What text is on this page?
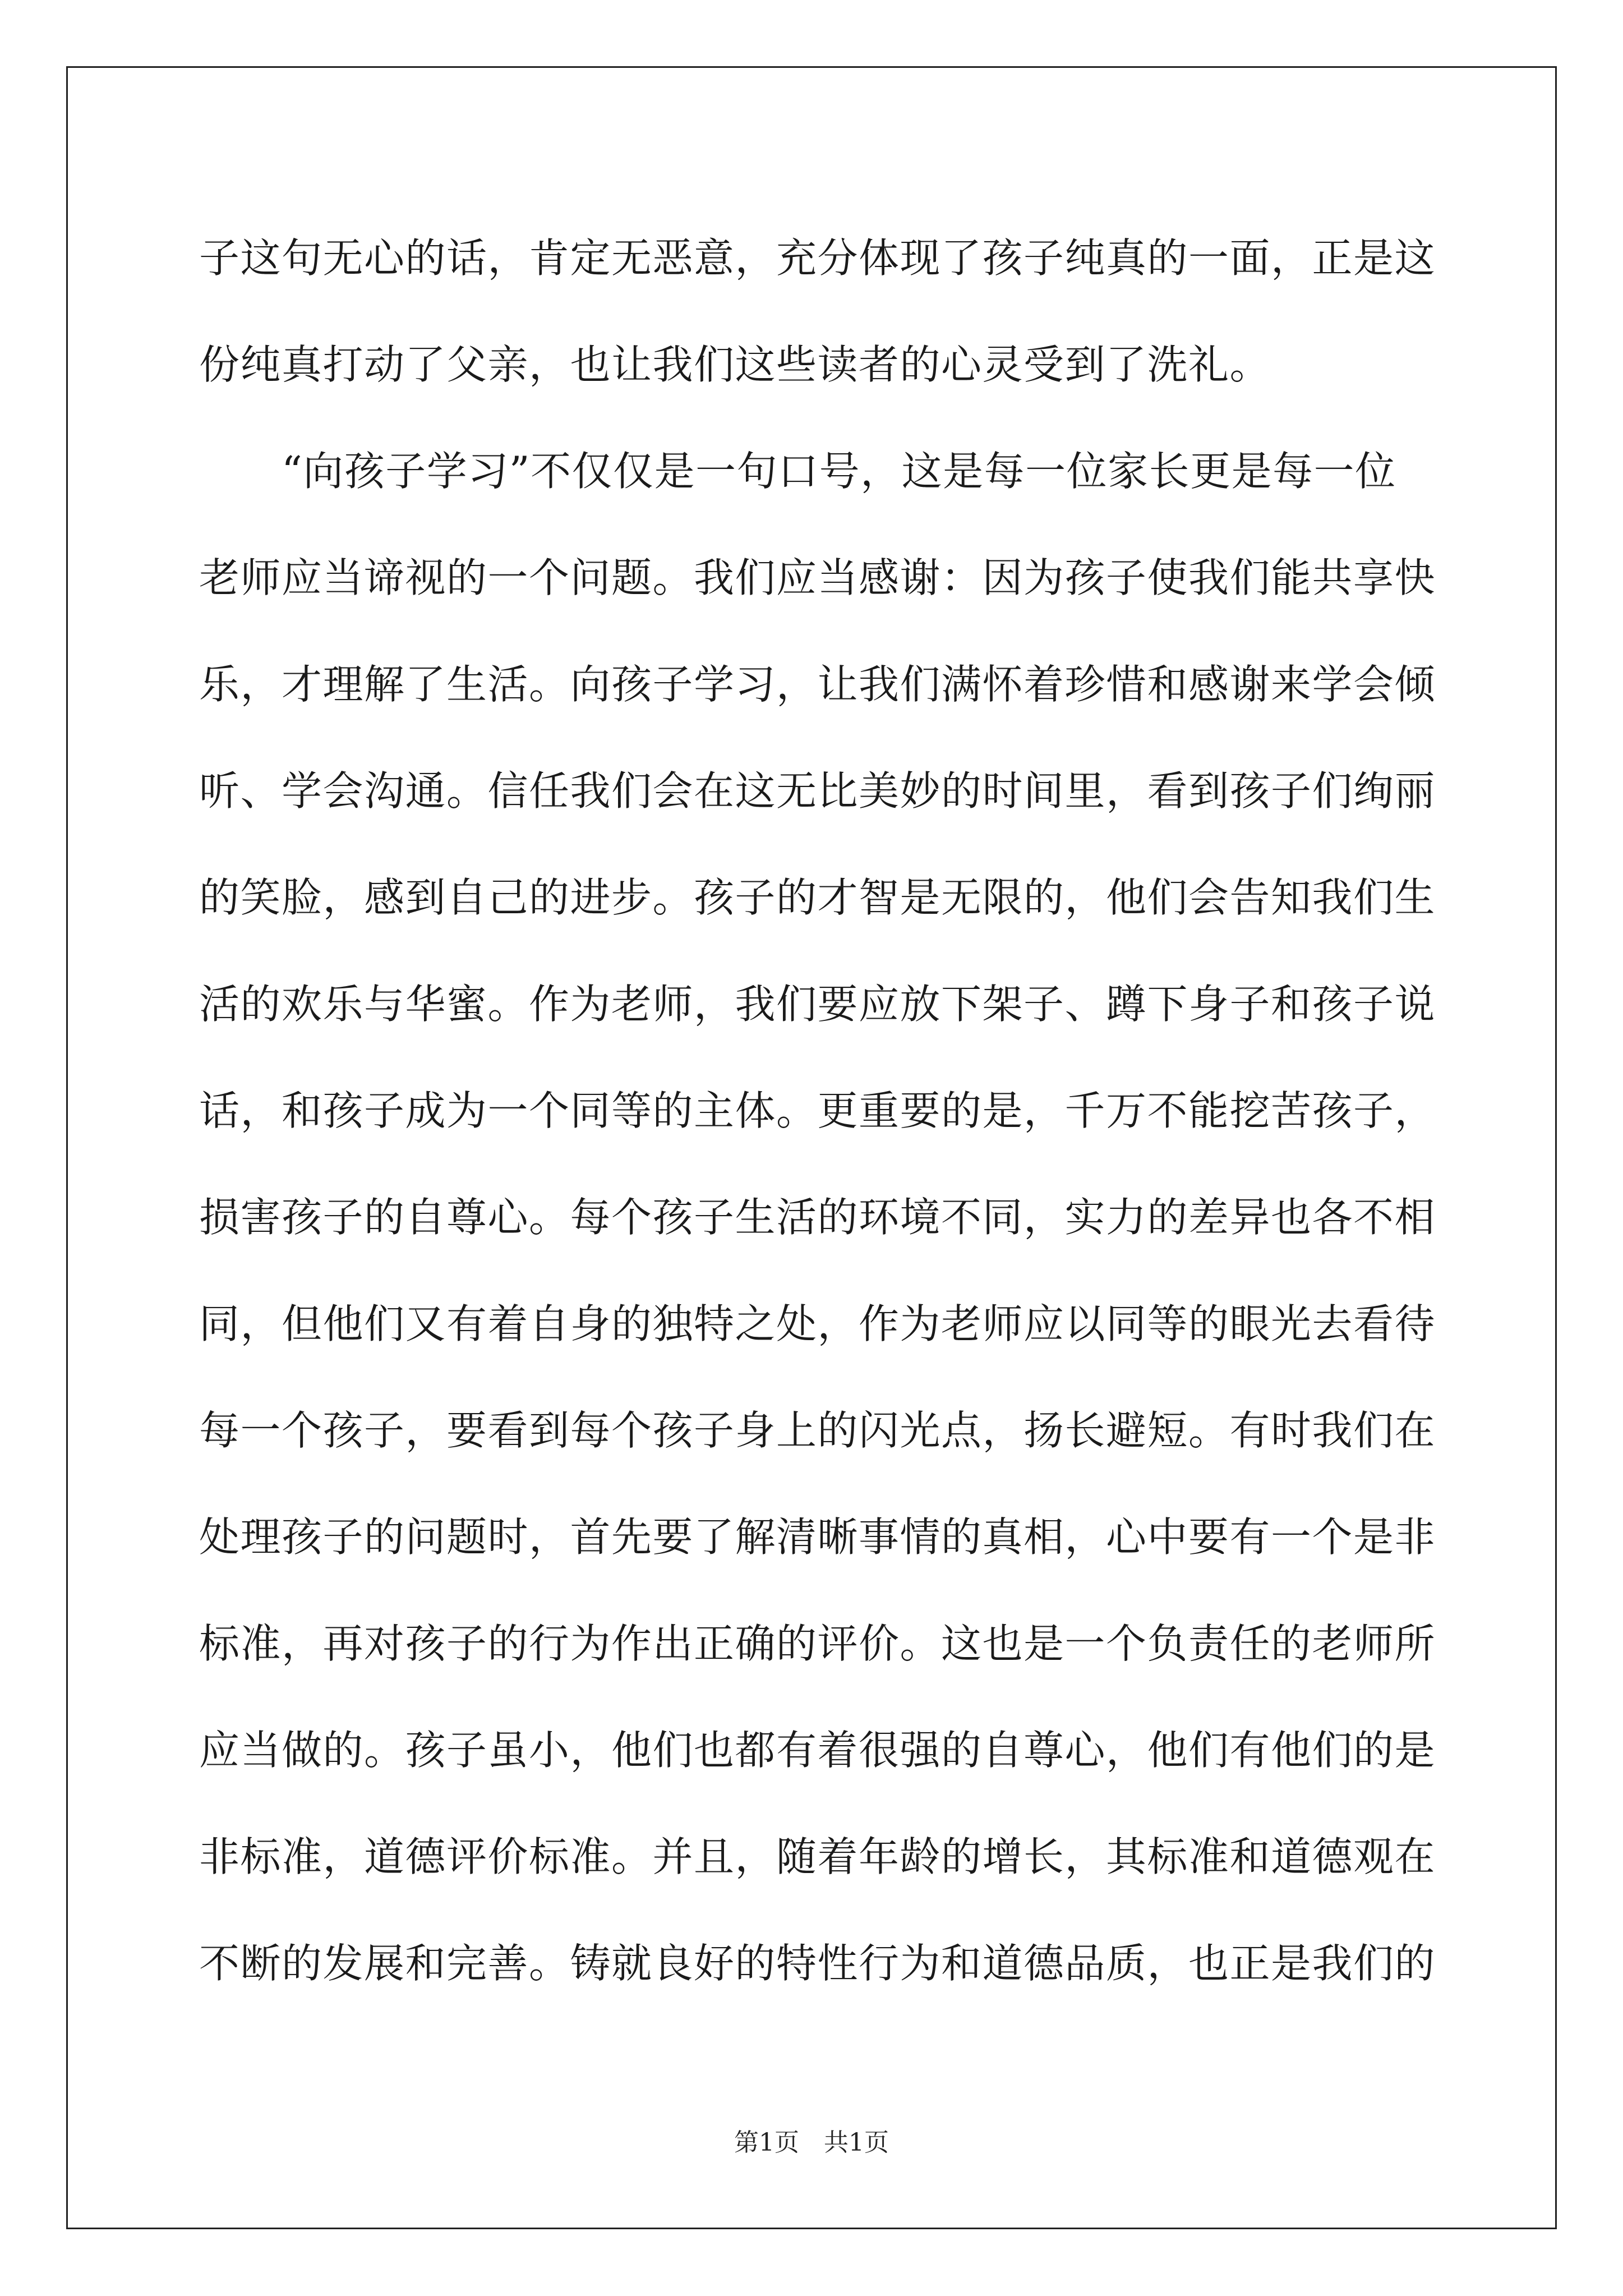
子这句无心的话，肯定无恶意，充分体现了孩子纯真的一面，正是这
份纯真打动了父亲，也让我们这些读者的心灵受到了洗礼。
　　“向孩子学习”不仅仅是一句口号，这是每一位家长更是每一位
老师应当谛视的一个问题。我们应当感谢：因为孩子使我们能共享快
乐，才理解了生活。向孩子学习，让我们满怀着珍惜和感谢来学会倾
听、学会沟通。信任我们会在这无比美妙的时间里，看到孩子们绚丽
的笑脸，感到自己的进步。孩子的才智是无限的，他们会告知我们生
活的欢乐与华蜜。作为老师，我们要应放下架子、蹲下身子和孩子说
话，和孩子成为一个同等的主体。更重要的是，千万不能挖苦孩子，
损害孩子的自尊心。每个孩子生活的环境不同，实力的差异也各不相
同，但他们又有着自身的独特之处，作为老师应以同等的眼光去看待
每一个孩子，要看到每个孩子身上的闪光点，扬长避短。有时我们在
处理孩子的问题时，首先要了解清晰事情的真相，心中要有一个是非
标准，再对孩子的行为作出正确的评价。这也是一个负责任的老师所
应当做的。孩子虽小，他们也都有着很强的自尊心，他们有他们的是
非标准，道德评价标准。并且，随着年龄的增长，其标准和道德观在
不断的发展和完善。铸就良好的特性行为和道德品质，也正是我们的
第1页　共1页
